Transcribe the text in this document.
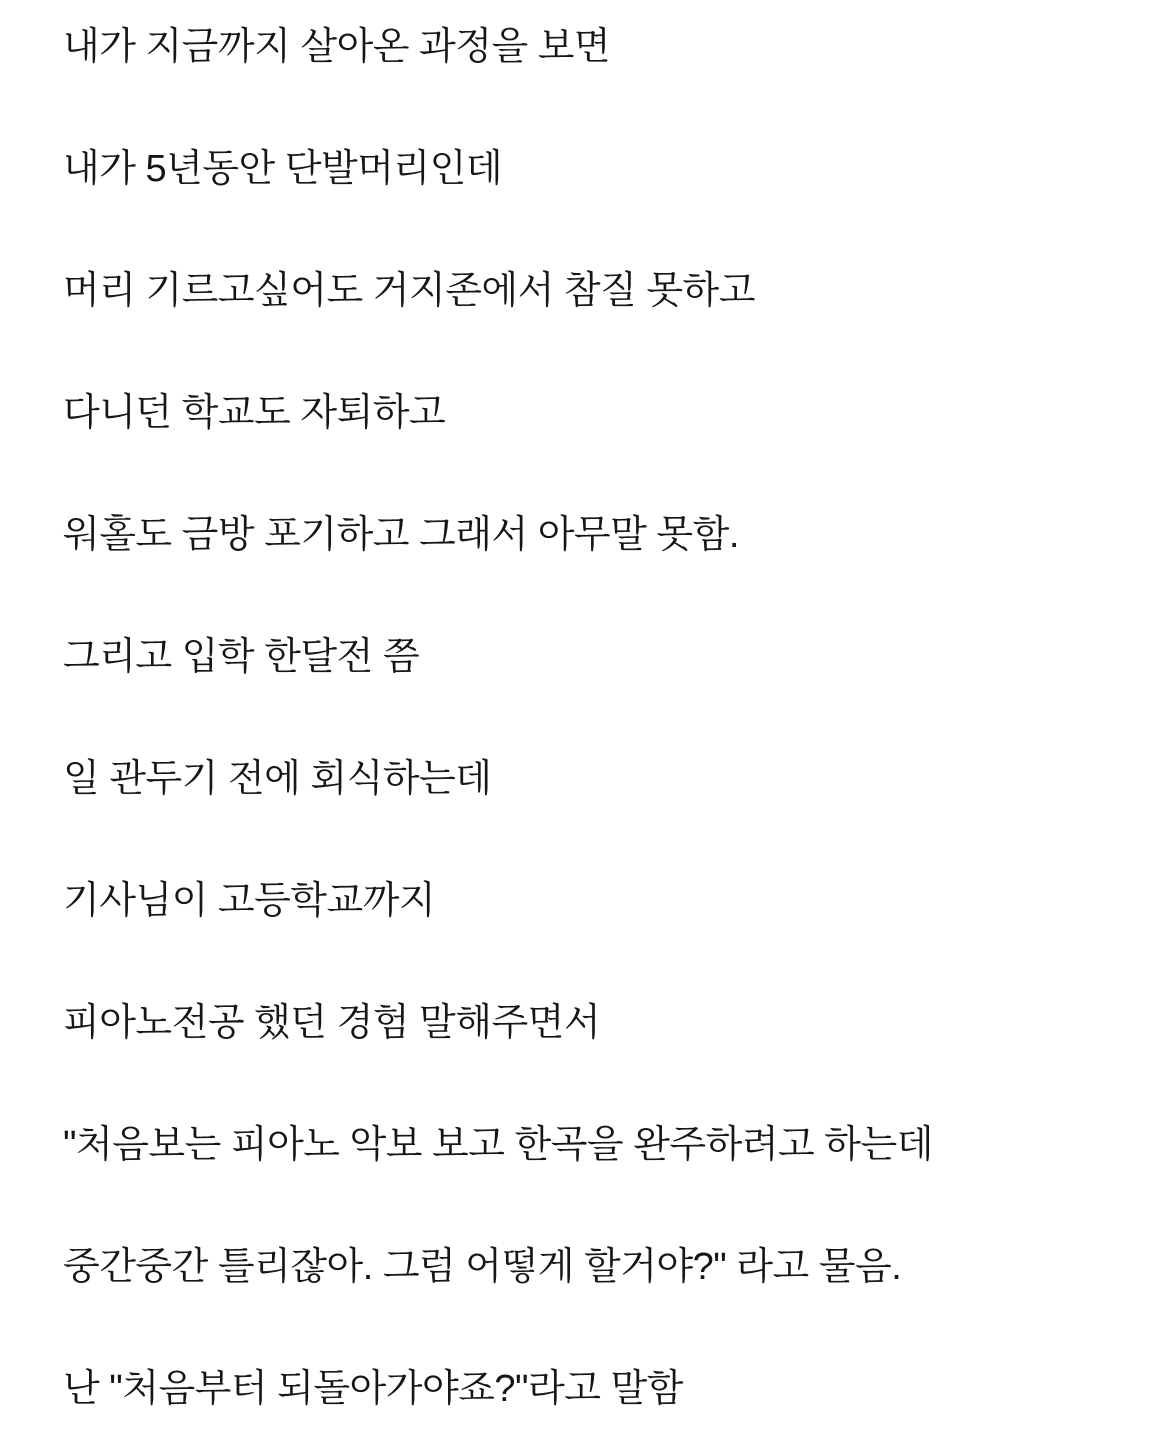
내가 지금까지 살아온 과정을 보면

내가 5년동안 단발머리인데

머리 기르고싶어도 거지존에서 참질 못하고

다니던 학교도 자퇴하고

워홀도 금방 포기하고 그래서 아무말 못함.

그리고 입학 한달전 쯤

일 관두기 전에 회식하는데

기사님이 고등학교까지

피아노전공 했던 경험 말해주면서

"처음보는 피아노 악보 보고 한곡을 완주하려고 하는데

중간중간 틀리잖아. 그럼 어떻게 할거야?" 라고 물음.

난 "처음부터 되돌아가야죠?"라고 말함
